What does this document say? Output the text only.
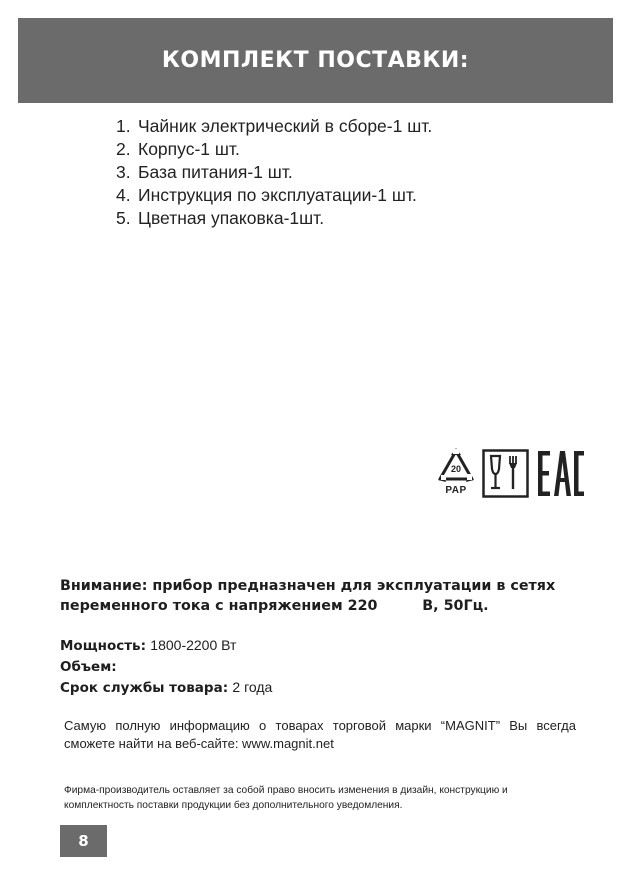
КОМПЛЕКТ ПОСТАВКИ:
1. Чайник электрический в сборе-1 шт.
2. Корпус-1 шт.
3. База питания-1 шт.
4. Инструкция по эксплуатации-1 шт.
5. Цветная упаковка-1шт.
20
PAP
Внимание: прибор предназначен для эксплуатации в сетях
переменного тока с напряжением 220         В, 50Гц.
Мощность: 1800-2200 Вт
Объем:
Срок службы товара: 2 года
Самую полную информацию о товарах торговой марки “MAGNIT” Вы всегда сможете найти на веб-сайте: www.magnit.net
Фирма-производитель оставляет за собой право вносить изменения в дизайн, конструкцию и комплектность поставки продукции без дополнительного уведомления.
8
